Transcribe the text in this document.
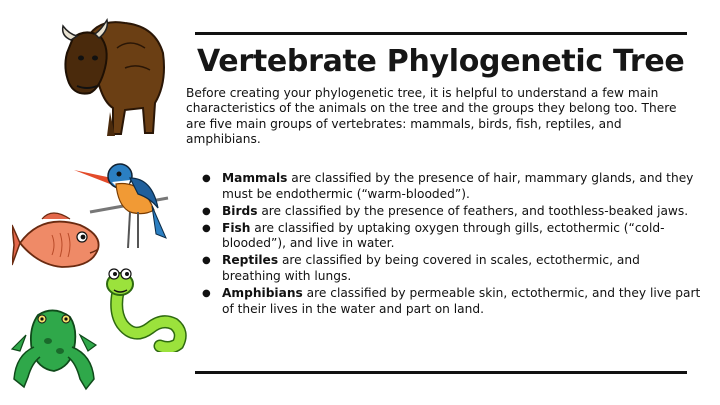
Vertebrate Phylogenetic Tree
Before creating your phylogenetic tree, it is helpful to understand a few main characteristics of the animals on the tree and the groups they belong too. There are five main groups of vertebrates: mammals, birds, fish, reptiles, and amphibians.
● Mammals are classified by the presence of hair, mammary glands, and they must be endothermic (“warm-blooded”).
● Birds are classified by the presence of feathers, and toothless-beaked jaws.
● Fish are classified by uptaking oxygen through gills, ectothermic (“cold-blooded”), and live in water.
● Reptiles are classified by being covered in scales, ectothermic, and breathing with lungs.
● Amphibians are classified by permeable skin, ectothermic, and they live part of their lives in the water and part on land.
